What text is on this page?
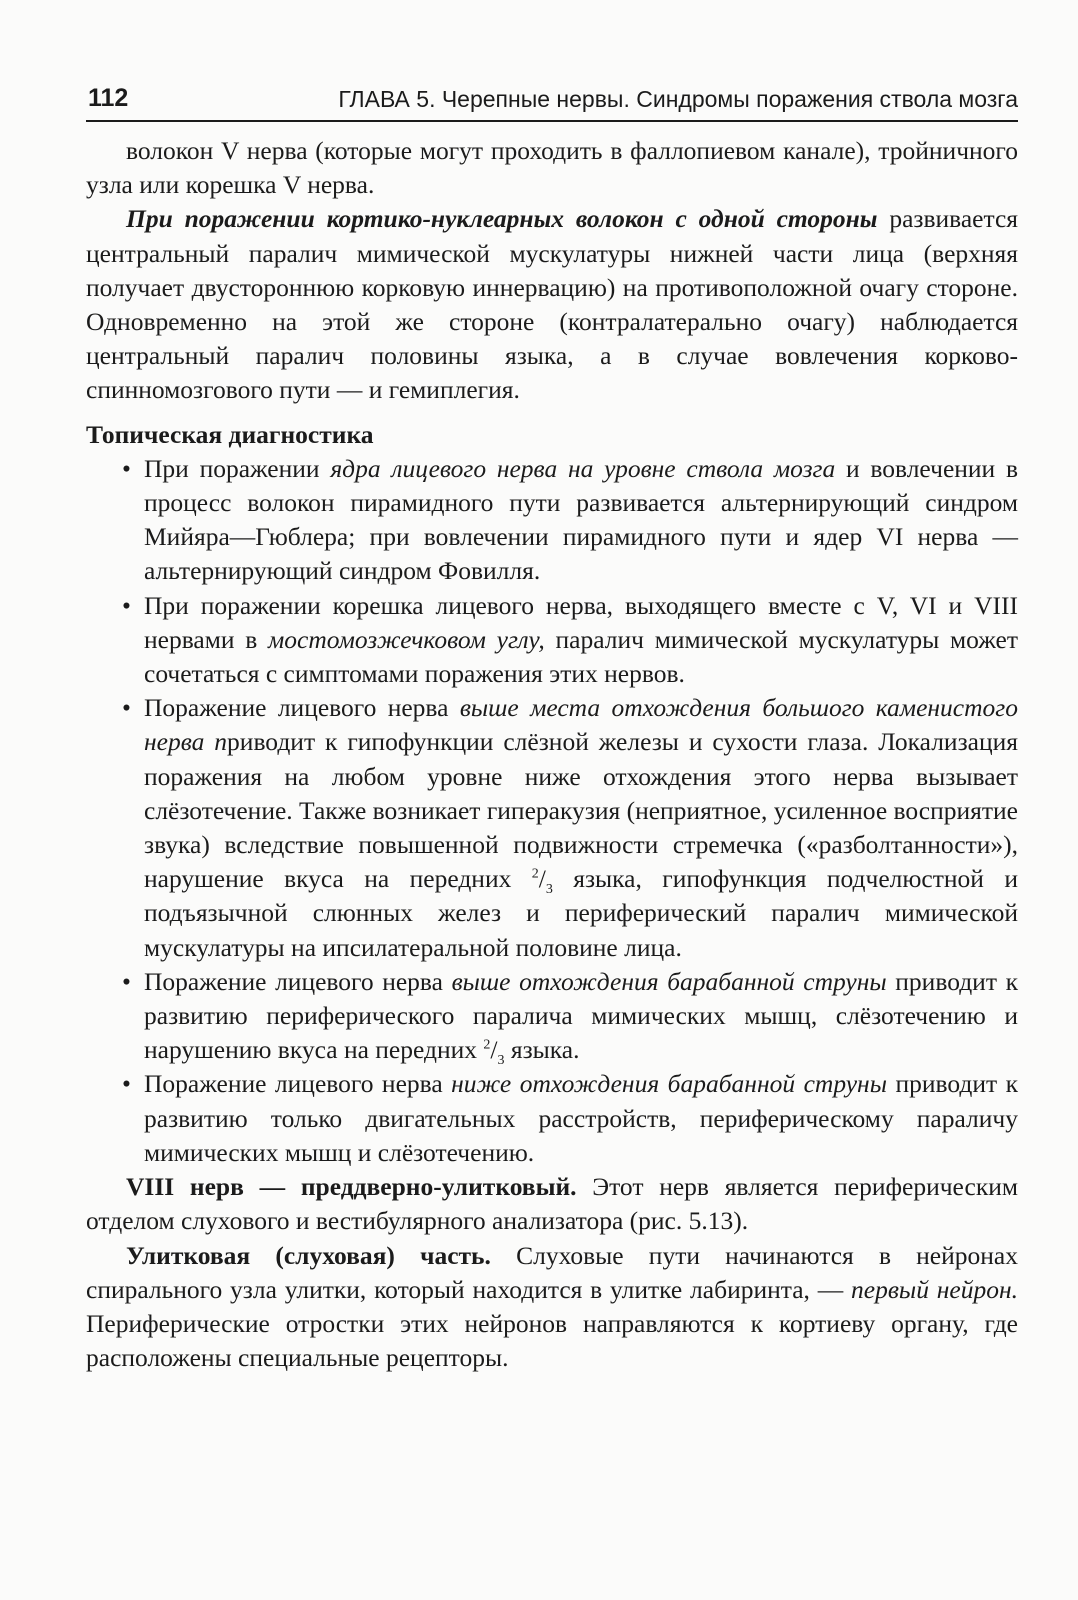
112	ГЛАВА 5. Черепные нервы. Синдромы поражения ствола мозга

волокон V нерва (которые могут проходить в фаллопиевом канале), тройничного узла или корешка V нерва.

При поражении кортико-нуклеарных волокон с одной стороны развивается центральный паралич мимической мускулатуры нижней части лица (верхняя получает двустороннюю корковую иннервацию) на противоположной очагу стороне. Одновременно на этой же стороне (контралатерально очагу) наблюдается центральный паралич половины языка, а в случае вовлечения корково-спинномозгового пути — и гемиплегия.

Топическая диагностика

• При поражении ядра лицевого нерва на уровне ствола мозга и вовлечении в процесс волокон пирамидного пути развивается альтернирующий синдром Мийяра—Гюблера; при вовлечении пирамидного пути и ядер VI нерва — альтернирующий синдром Фовилля.
• При поражении корешка лицевого нерва, выходящего вместе с V, VI и VIII нервами в мостомозжечковом углу, паралич мимической мускулатуры может сочетаться с симптомами поражения этих нервов.
• Поражение лицевого нерва выше места отхождения большого каменистого нерва приводит к гипофункции слёзной железы и сухости глаза. Локализация поражения на любом уровне ниже отхождения этого нерва вызывает слёзотечение. Также возникает гиперакузия (неприятное, усиленное восприятие звука) вследствие повышенной подвижности стремечка («разболтанности»), нарушение вкуса на передних $^2/_3$ языка, гипофункция подчелюстной и подъязычной слюнных желез и периферический паралич мимической мускулатуры на ипсилатеральной половине лица.
• Поражение лицевого нерва выше отхождения барабанной струны приводит к развитию периферического паралича мимических мышц, слёзотечению и нарушению вкуса на передних $^2/_3$ языка.
• Поражение лицевого нерва ниже отхождения барабанной струны приводит к развитию только двигательных расстройств, периферическому параличу мимических мышц и слёзотечению.

VIII нерв — преддверно-улитковый. Этот нерв является периферическим отделом слухового и вестибулярного анализатора (рис. 5.13).

Улитковая (слуховая) часть. Слуховые пути начинаются в нейронах спирального узла улитки, который находится в улитке лабиринта, — первый нейрон. Периферические отростки этих нейронов направляются к кортиеву органу, где расположены специальные рецепторы.
